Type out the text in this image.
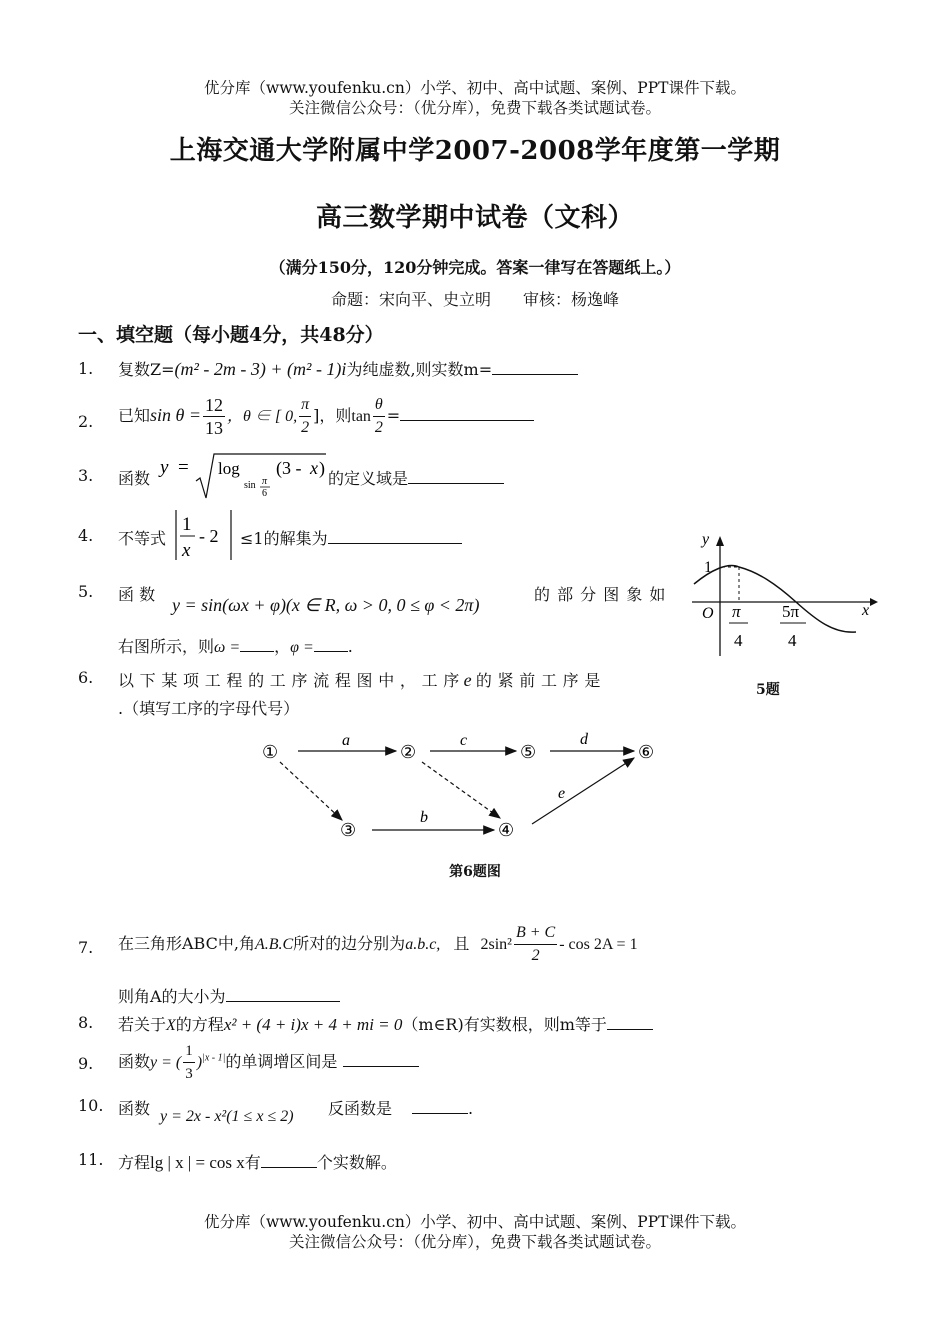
优分库（www.youfenku.cn）小学、初中、高中试题、案例、PPT课件下载。
关注微信公众号：（优分库），免费下载各类试题试卷。
上海交通大学附属中学2007-2008学年度第一学期
高三数学期中试卷（文科）
（满分150分，120分钟完成。答案一律写在答题纸上。）
命题：宋向平、史立明　　审核：杨逸峰
一、填空题（每小题4分，共48分）
1. 复数Z=(m² - 2m - 3) + (m² - 1)i为纯虚数,则实数m=
2. 已知$\sin \theta = \frac{12}{13}$ ，θ ∈ [ 0, $\frac{\pi}{2}$ ]，则$\tan \frac{\theta}{2}$ =
3. 函数
y = log
sin π
6
(3 - x )
的定义域是
4. 不等式
1
x
- 2 ≤1的解集为
5. 函 数
y = sin(ωx + φ)(x ∈ R, ω > 0, 0 ≤ φ < 2π)
的 部 分 图 象 如
右图所示，则ω = ，φ = .
y
x
O
1
π
4
5π
4
5题
6. 以 下 某 项 工 程 的 工 序 流 程 图 中 ， 工 序 e 的 紧 前 工 序 是
.（填写工序的字母代号）
①	②
③	④
⑤	⑥
a	c	d
b
e
第6题图
7. 在三角形ABC中,角A.B.C所对的边分别为a.b.c, 且 $2\sin^2 \frac{B + C}{2} - \cos 2A = 1$
则角A的大小为
8. 若关于X的方程x² + (4 + i)x + 4 + mi = 0（m∈R)有实数根，则m等于
9. 函数y = ( $\frac{1}{3} )^{|x - 1|}$的单调增区间是
10. 函数 y = 2x - x²(1 ≤ x ≤ 2) 反函数是	.
11. 方程lg | x | = cos x有	个实数解。
优分库（www.youfenku.cn）小学、初中、高中试题、案例、PPT课件下载。
关注微信公众号：（优分库），免费下载各类试题试卷。
